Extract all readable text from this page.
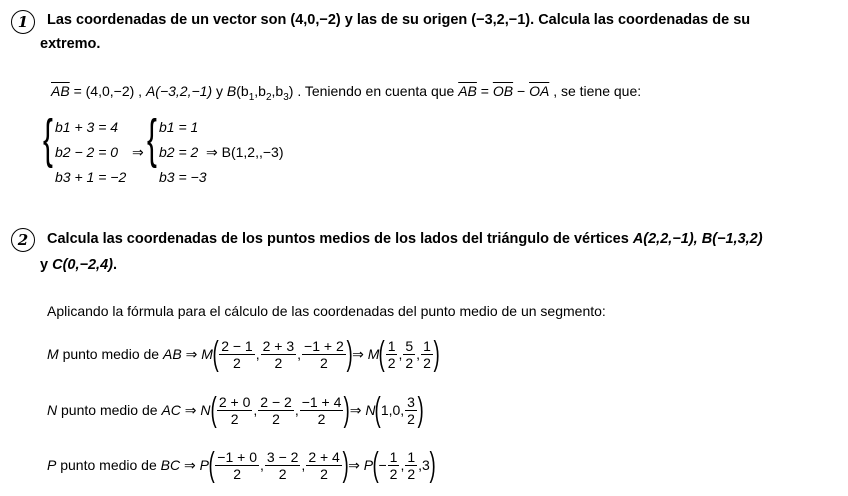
1	Las coordenadas de un vector son (4,0,−2) y las de su origen (−3,2,−1). Calcula las coordenadas de su
extremo.
$\overline{AB} = (4,0,-2)$ , A(−3,2,−1) y $B(b_1,b_2,b_3)$ . Teniendo en cuenta que $\overline{AB} = \overline{OB} - \overline{OA}$ , se tiene que:
{ b1 + 3 = 4
b2 − 2 = 0
b3 + 1 = −2
⇒ { b1 = 1
b2 = 2
b3 = −3
⇒ B(1,2,,−3)
2	Calcula las coordenadas de los puntos medios de los lados del triángulo de vértices A(2,2,−1), B(−1,3,2)
y C(0,−2,4).
Aplicando la fórmula para el cálculo de las coordenadas del punto medio de un segmento:
M
punto medio de
AB
⇒
M ( $\frac{2 - 1}{2}$ , $\frac{2 + 3}{2}$ , $\frac{-1 + 2}{2}$ ) ⇒
M ( $\frac{1}{2}$ , $\frac{5}{2}$ , $\frac{1}{2}$ )
N
punto medio de
AC
⇒
N ( $\frac{2 + 0}{2}$ , $\frac{2 - 2}{2}$ , $\frac{-1 + 4}{2}$ ) ⇒
N ( 1,0, $\frac{3}{2}$ )
P
punto medio de
BC
⇒
P ( $\frac{-1 + 0}{2}$ , $\frac{3 - 2}{2}$ , $\frac{2 + 4}{2}$ ) ⇒
P ( − $\frac{1}{2}$ , $\frac{1}{2} ,3$ )
